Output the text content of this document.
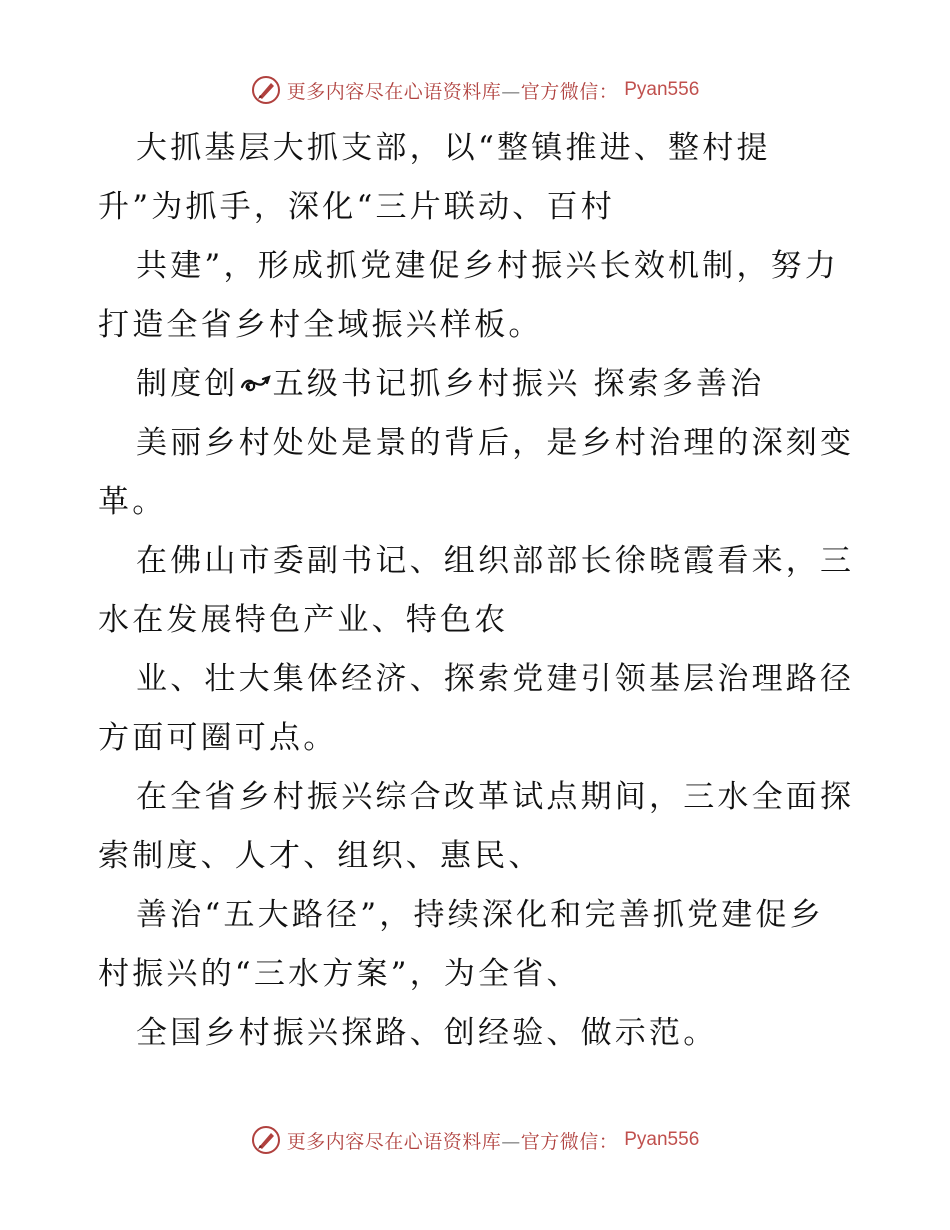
更多内容尽在心语资料库—官方微信： Pyan556
大抓基层大抓支部，以“整镇推进、整村提
升”为抓手，深化“三片联动、百村
共建”，形成抓党建促乡村振兴长效机制，努力
打造全省乡村全域振兴样板。
制度创 五级书记抓乡村振兴 探索多善治
美丽乡村处处是景的背后，是乡村治理的深刻变
革。
在佛山市委副书记、组织部部长徐晓霞看来，三
水在发展特色产业、特色农
业、壮大集体经济、探索党建引领基层治理路径
方面可圈可点。
在全省乡村振兴综合改革试点期间，三水全面探
索制度、人才、组织、惠民、
善治“五大路径”，持续深化和完善抓党建促乡
村振兴的“三水方案”，为全省、
全国乡村振兴探路、创经验、做示范。
更多内容尽在心语资料库—官方微信： Pyan556
